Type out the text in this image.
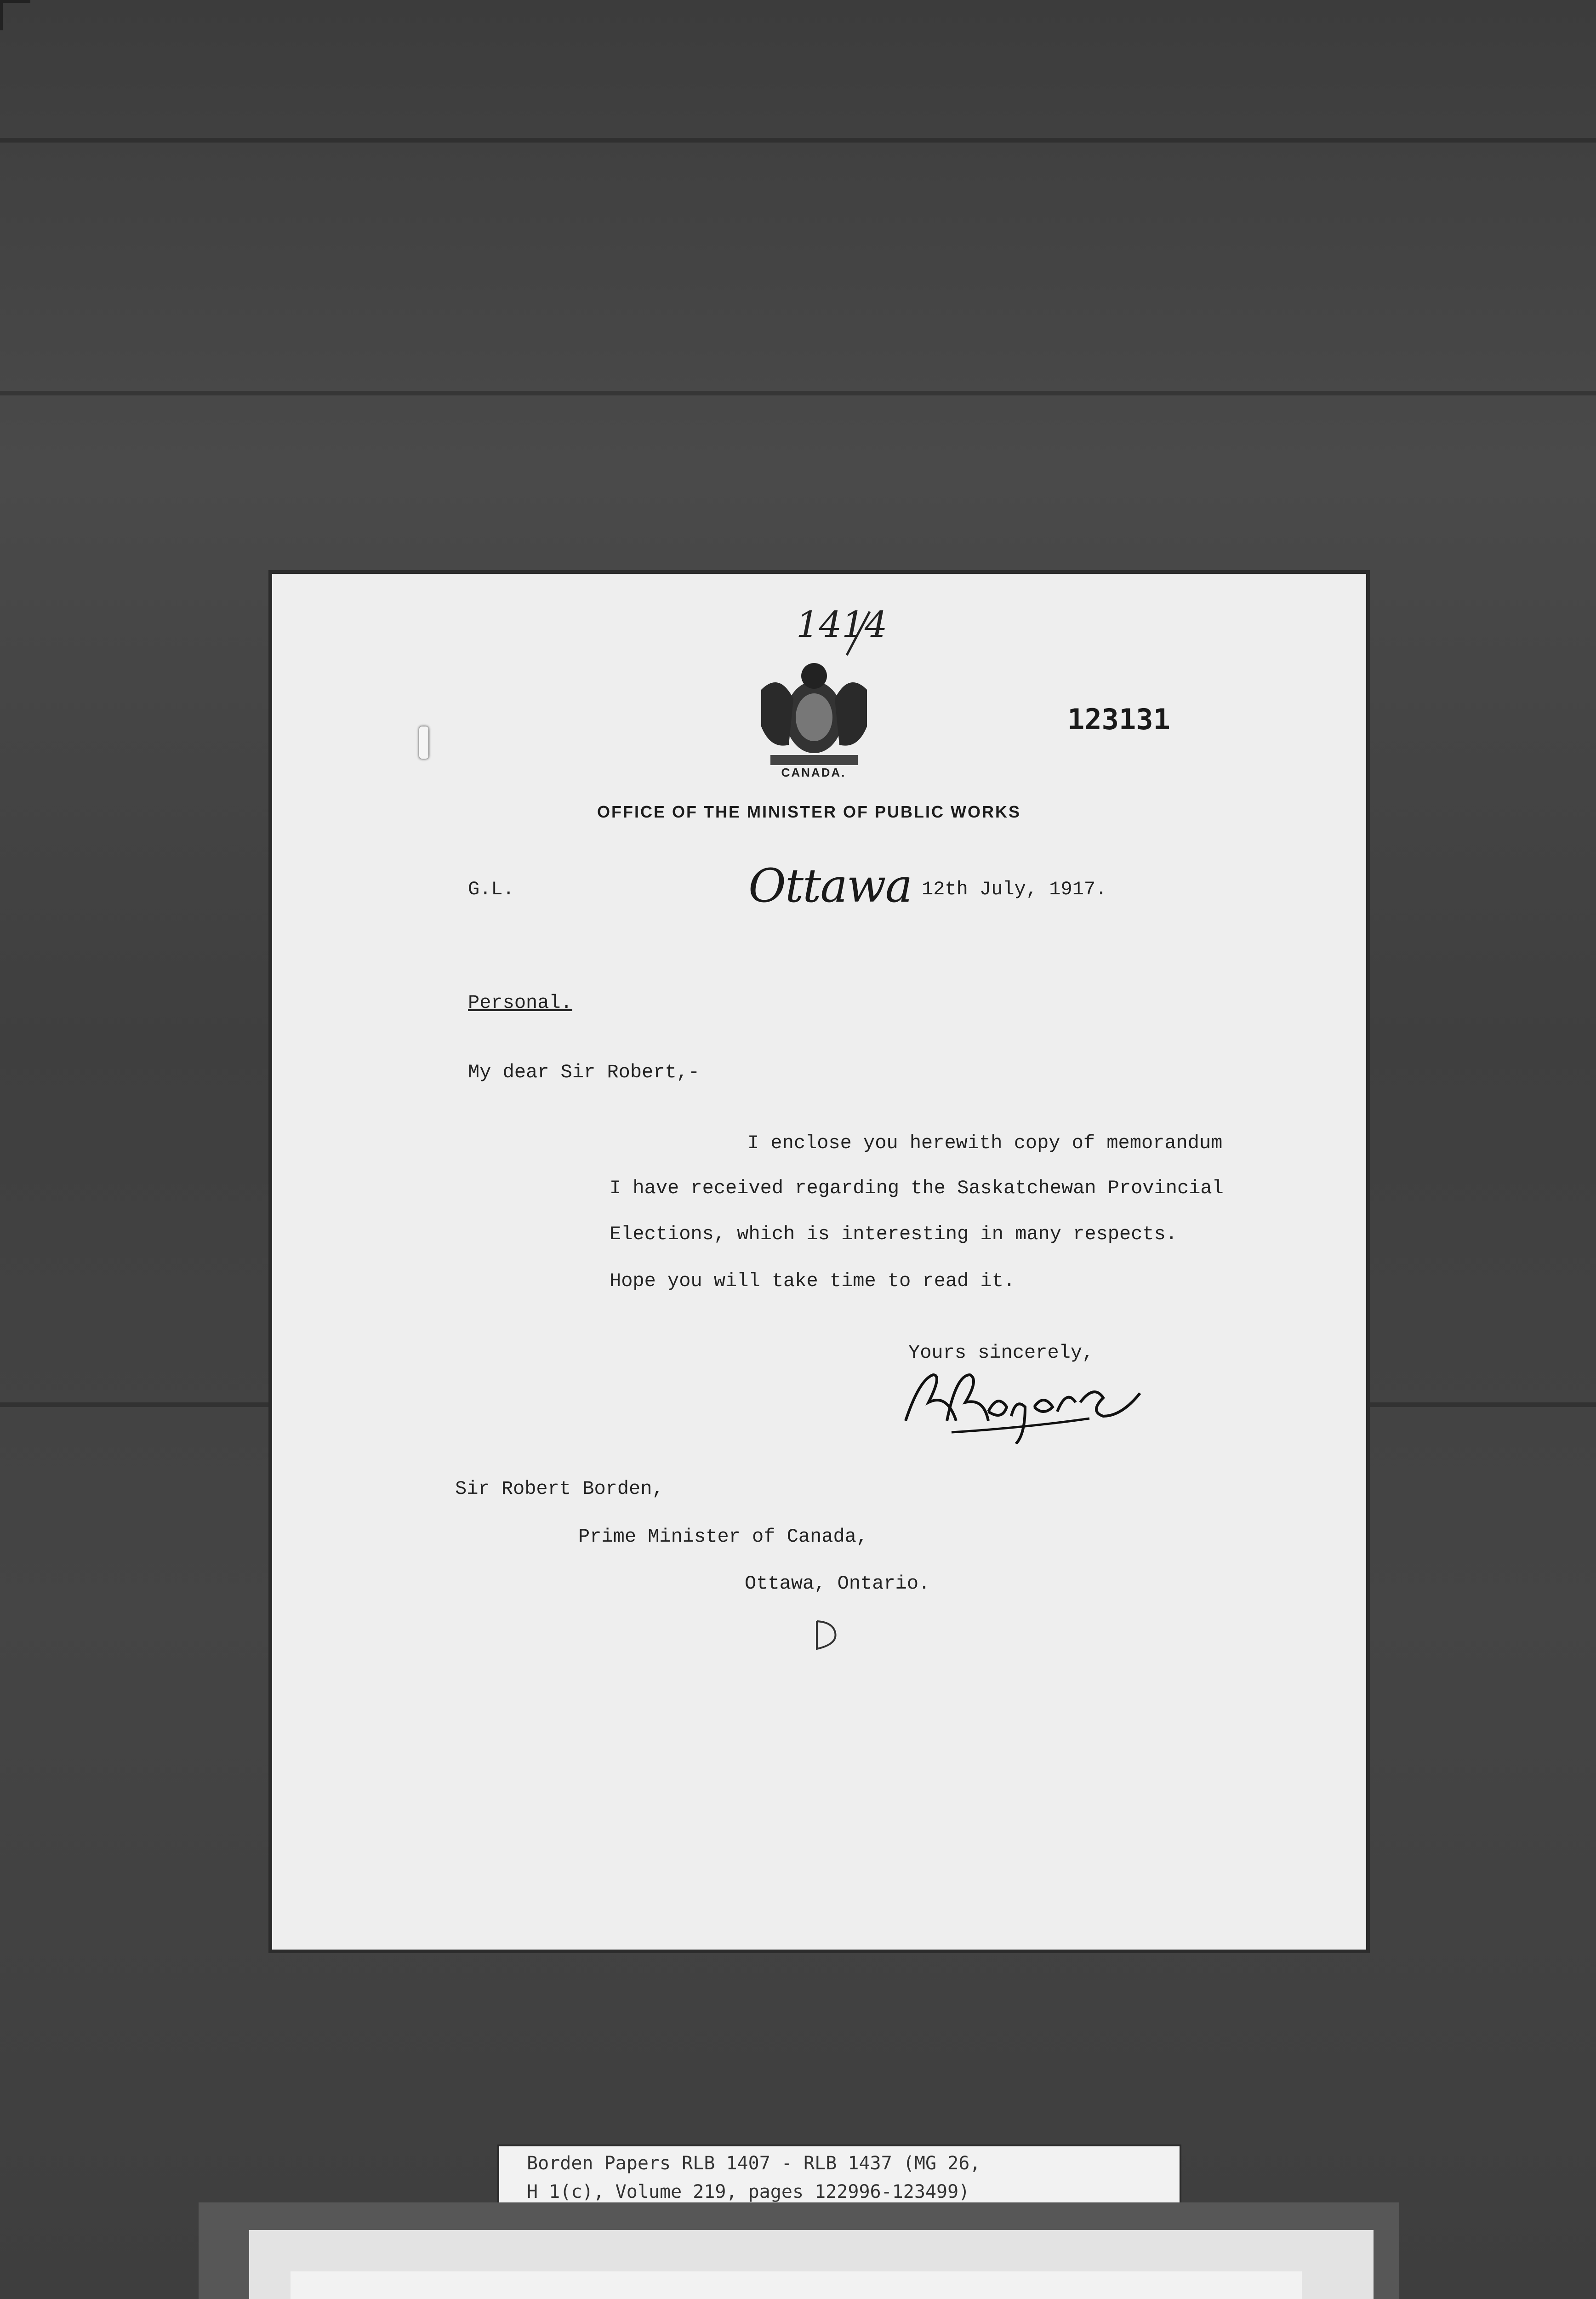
1414
CANADA.
123131
OFFICE OF THE MINISTER OF PUBLIC WORKS
G.L.	Ottawa 12th July, 1917.
Personal.
My dear Sir Robert,-
I enclose you herewith copy of memorandum
I have received regarding the Saskatchewan Provincial
Elections, which is interesting in many respects.
Hope you will take time to read it.
Yours sincerely,
Sir Robert Borden,
Prime Minister of Canada,
Ottawa, Ontario.
Borden Papers RLB 1407 - RLB 1437 (MG 26,
H 1(c), Volume 219, pages 122996-123499)
